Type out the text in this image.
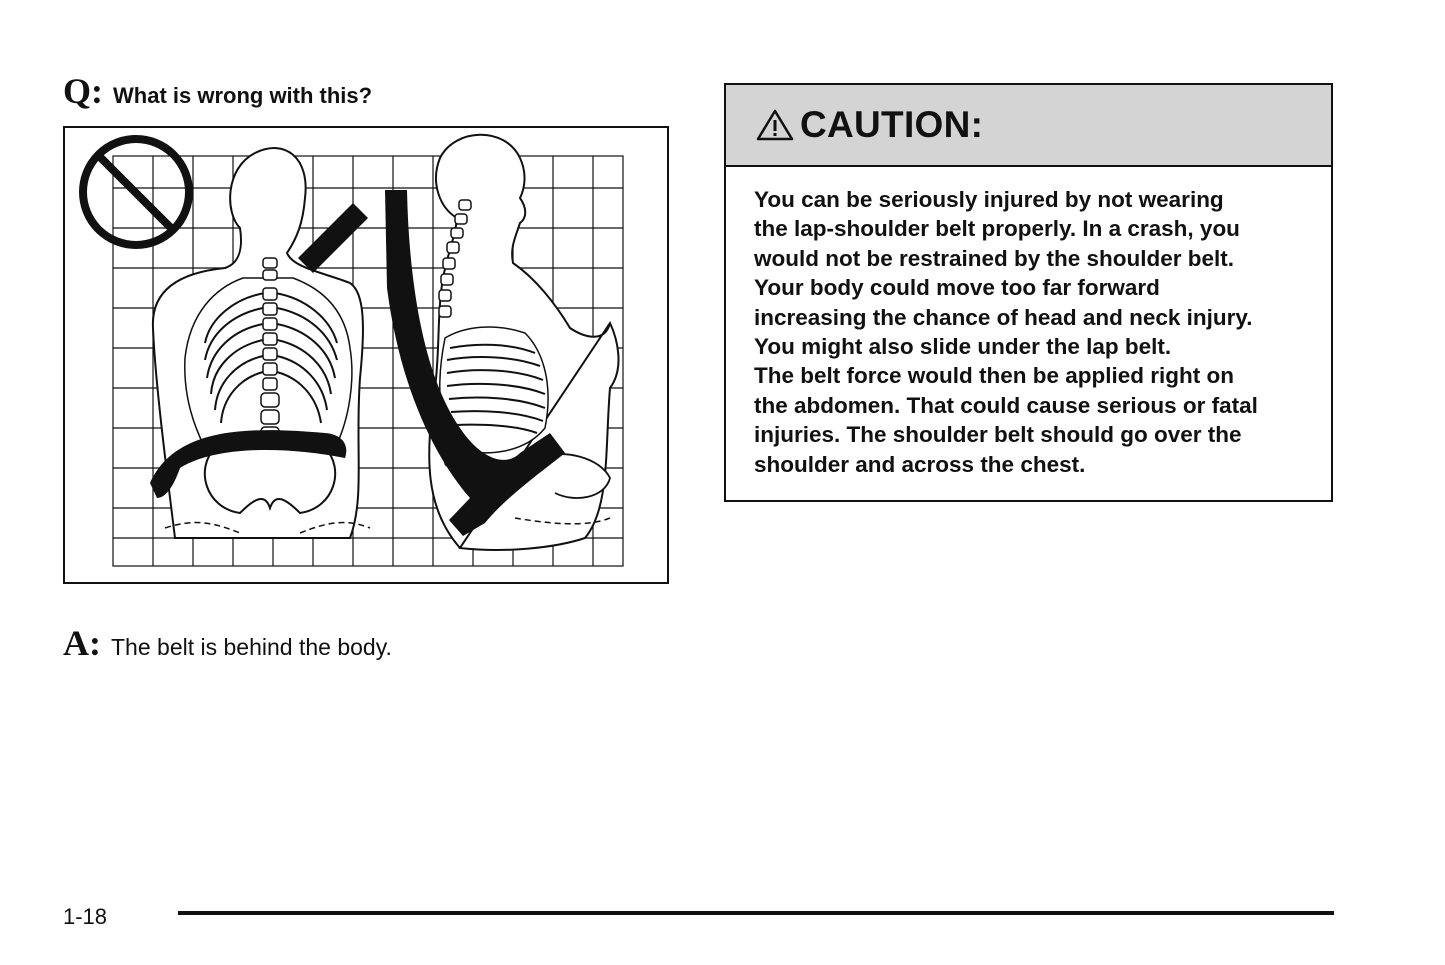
Q: What is wrong with this?
A: The belt is behind the body.
CAUTION:
You can be seriously injured by not wearing
the lap-shoulder belt properly. In a crash, you
would not be restrained by the shoulder belt.
Your body could move too far forward
increasing the chance of head and neck injury.
You might also slide under the lap belt.
The belt force would then be applied right on
the abdomen. That could cause serious or fatal
injuries. The shoulder belt should go over the
shoulder and across the chest.
1-18
